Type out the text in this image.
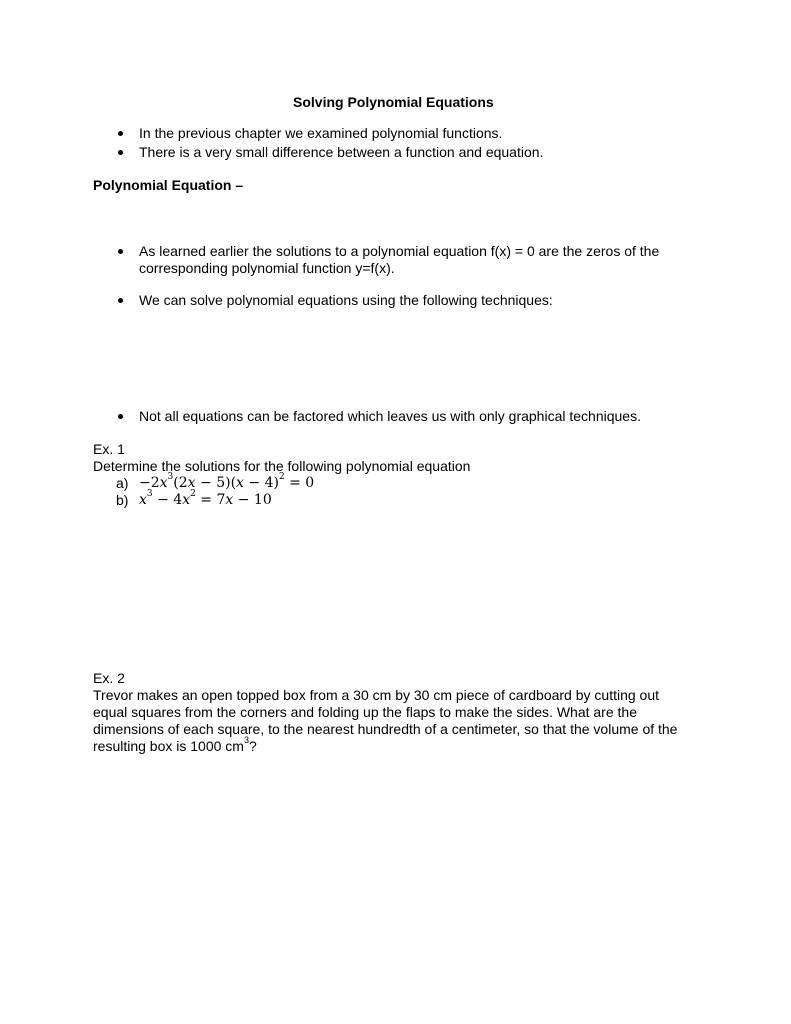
Solving Polynomial Equations
In the previous chapter we examined polynomial functions.
There is a very small difference between a function and equation.
Polynomial Equation –
As learned earlier the solutions to a polynomial equation f(x) = 0 are the zeros of the
corresponding polynomial function y=f(x).
We can solve polynomial equations using the following techniques:
Not all equations can be factored which leaves us with only graphical techniques.
Ex. 1
Determine the solutions for the following polynomial equation
$a) -2x^3(2x - 5)(x - 4)^2 = 0$
b) $x^3 - 4x^2 = 7x - 10$
Ex. 2
Trevor makes an open topped box from a 30 cm by 30 cm piece of cardboard by cutting out
equal squares from the corners and folding up the flaps to make the sides. What are the
dimensions of each square, to the nearest hundredth of a centimeter, so that the volume of the
resulting box is 1000 $cm^3$?
